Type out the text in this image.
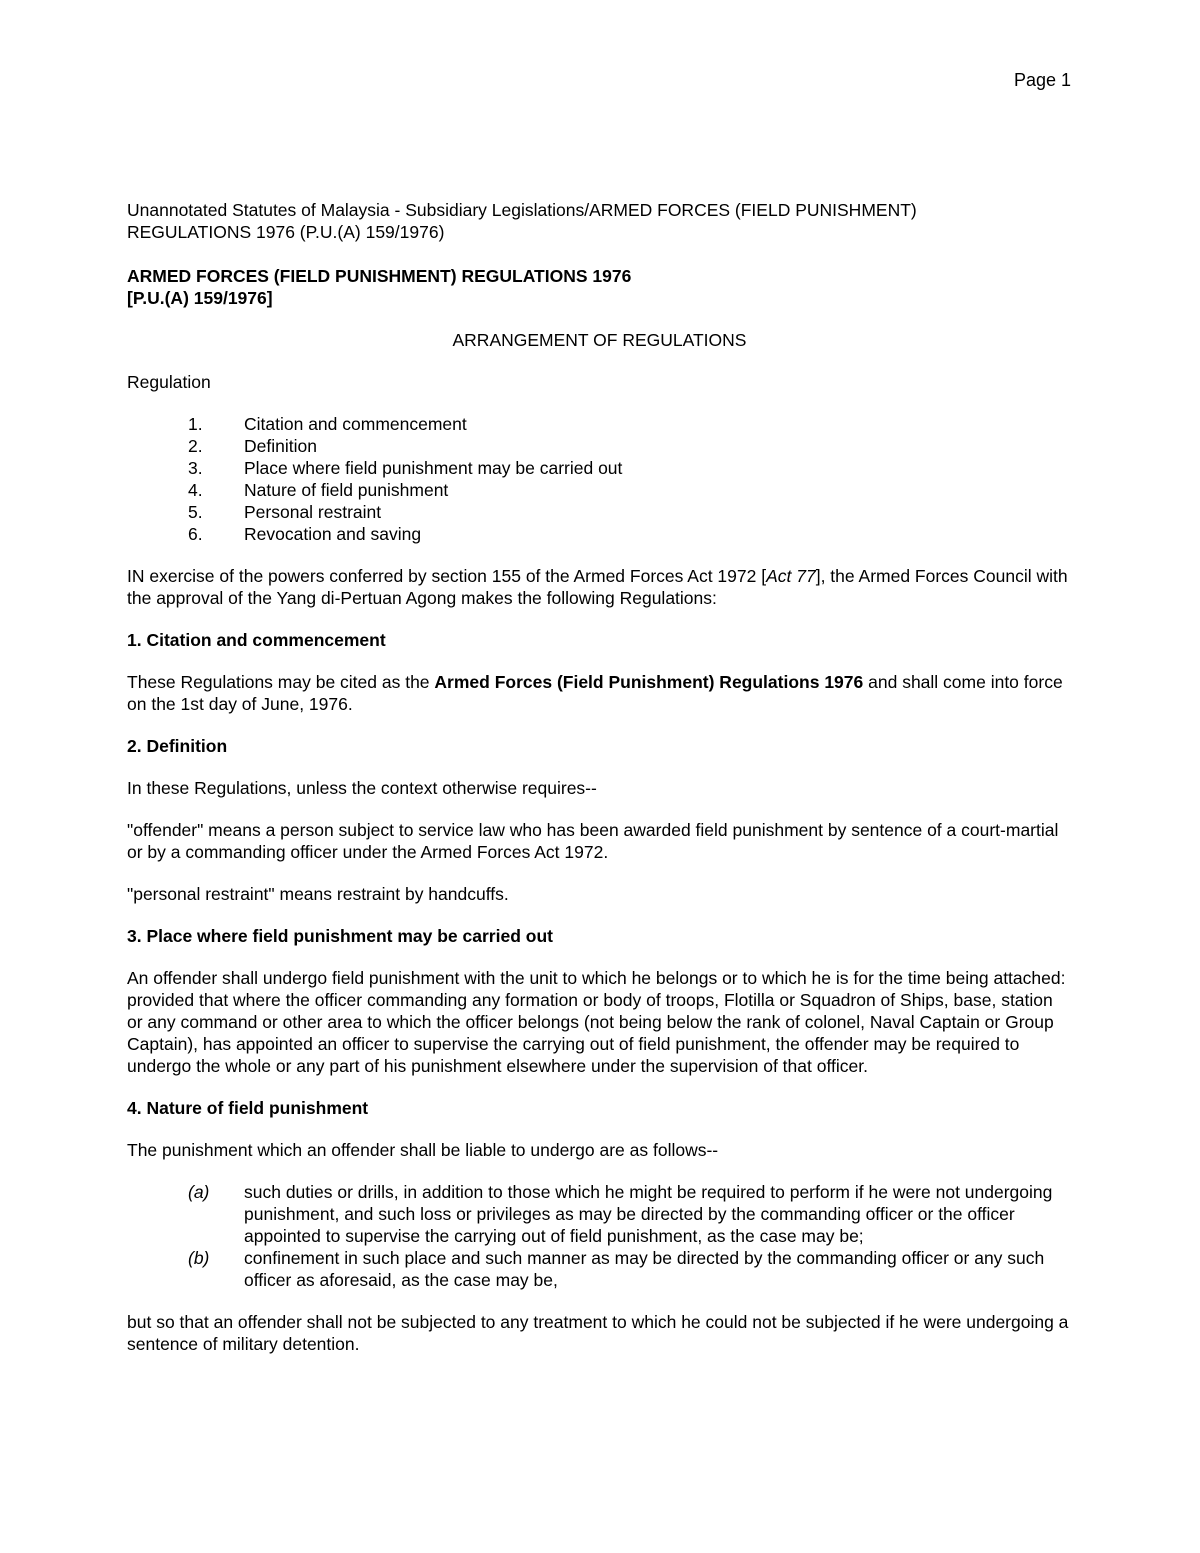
Page 1

Unannotated Statutes of Malaysia - Subsidiary Legislations/ARMED FORCES (FIELD PUNISHMENT)

REGULATIONS 1976 (P.U.(A) 159/1976)

ARMED FORCES (FIELD PUNISHMENT) REGULATIONS 1976

[P.U.(A) 159/1976]

ARRANGEMENT OF REGULATIONS

Regulation

1.	Citation and commencement
2.	Definition
3.	Place where field punishment may be carried out
4.	Nature of field punishment
5.	Personal restraint
6.	Revocation and saving

IN exercise of the powers conferred by section 155 of the Armed Forces Act 1972 [Act 77], the Armed Forces Council with the approval of the Yang di-Pertuan Agong makes the following Regulations:

1. Citation and commencement

These Regulations may be cited as the Armed Forces (Field Punishment) Regulations 1976 and shall come into force on the 1st day of June, 1976.

2. Definition

In these Regulations, unless the context otherwise requires--

"offender" means a person subject to service law who has been awarded field punishment by sentence of a court-martial or by a commanding officer under the Armed Forces Act 1972.

"personal restraint" means restraint by handcuffs.

3. Place where field punishment may be carried out

An offender shall undergo field punishment with the unit to which he belongs or to which he is for the time being attached: provided that where the officer commanding any formation or body of troops, Flotilla or Squadron of Ships, base, station or any command or other area to which the officer belongs (not being below the rank of colonel, Naval Captain or Group Captain), has appointed an officer to supervise the carrying out of field punishment, the offender may be required to undergo the whole or any part of his punishment elsewhere under the supervision of that officer.

4. Nature of field punishment

The punishment which an offender shall be liable to undergo are as follows--

(a)	such duties or drills, in addition to those which he might be required to perform if he were not undergoing punishment, and such loss or privileges as may be directed by the commanding officer or the officer appointed to supervise the carrying out of field punishment, as the case may be;
(b)	confinement in such place and such manner as may be directed by the commanding officer or any such officer as aforesaid, as the case may be,

but so that an offender shall not be subjected to any treatment to which he could not be subjected if he were undergoing a sentence of military detention.
